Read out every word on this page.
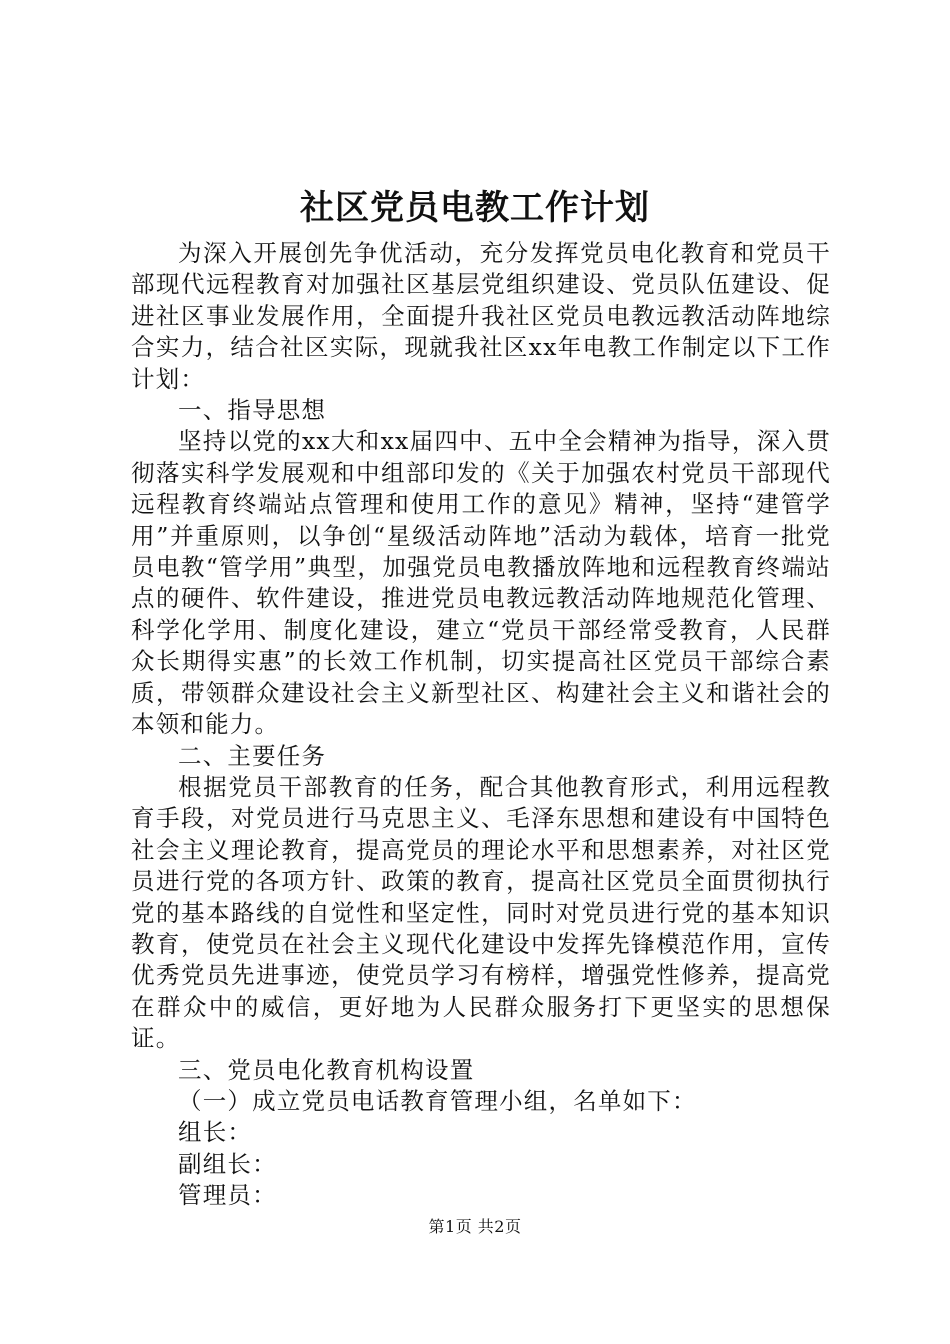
社区党员电教工作计划

为深入开展创先争优活动，充分发挥党员电化教育和党员干部现代远程教育对加强社区基层党组织建设、党员队伍建设、促进社区事业发展作用，全面提升我社区党员电教远教活动阵地综合实力，结合社区实际，现就我社区xx年电教工作制定以下工作计划：

一、指导思想

坚持以党的xx大和xx届四中、五中全会精神为指导，深入贯彻落实科学发展观和中组部印发的《关于加强农村党员干部现代远程教育终端站点管理和使用工作的意见》精神，坚持“建管学用”并重原则，以争创“星级活动阵地”活动为载体，培育一批党员电教“管学用”典型，加强党员电教播放阵地和远程教育终端站点的硬件、软件建设，推进党员电教远教活动阵地规范化管理、科学化学用、制度化建设，建立“党员干部经常受教育，人民群众长期得实惠”的长效工作机制，切实提高社区党员干部综合素质，带领群众建设社会主义新型社区、构建社会主义和谐社会的本领和能力。

二、主要任务

根据党员干部教育的任务，配合其他教育形式，利用远程教育手段，对党员进行马克思主义、毛泽东思想和建设有中国特色社会主义理论教育，提高党员的理论水平和思想素养，对社区党员进行党的各项方针、政策的教育，提高社区党员全面贯彻执行党的基本路线的自觉性和坚定性，同时对党员进行党的基本知识教育，使党员在社会主义现代化建设中发挥先锋模范作用，宣传优秀党员先进事迹，使党员学习有榜样，增强党性修养，提高党在群众中的威信，更好地为人民群众服务打下更坚实的思想保证。

三、党员电化教育机构设置

（一）成立党员电话教育管理小组，名单如下：

组长：

副组长：

管理员：

第1页 共2页
